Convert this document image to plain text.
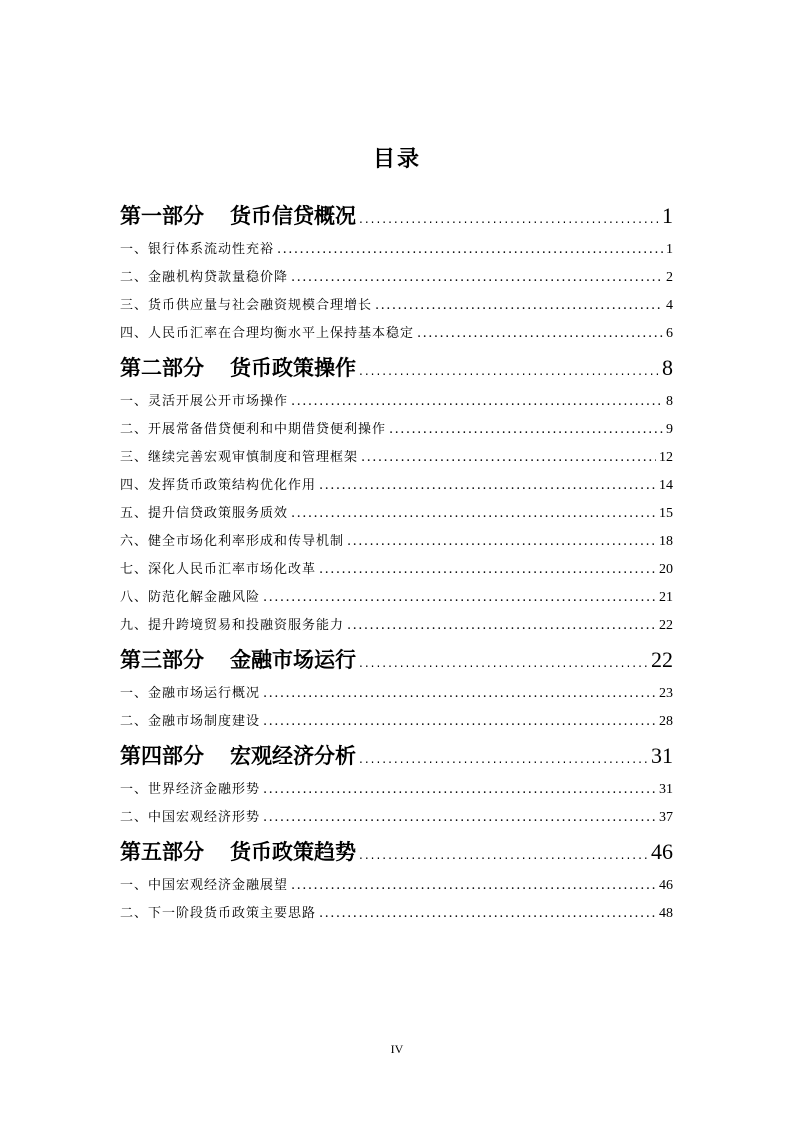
目录
第一部分 货币信贷概况 .....	1
一、银行体系流动性充裕 .....	1
二、金融机构贷款量稳价降 .....	2
三、货币供应量与社会融资规模合理增长 .....	4
四、人民币汇率在合理均衡水平上保持基本稳定 .....	6
第二部分 货币政策操作 .....	8
一、灵活开展公开市场操作 .....	8
二、开展常备借贷便利和中期借贷便利操作 .....	9
三、继续完善宏观审慎制度和管理框架 .....	12
四、发挥货币政策结构优化作用 .....	14
五、提升信贷政策服务质效 .....	15
六、健全市场化利率形成和传导机制 .....	18
七、深化人民币汇率市场化改革 .....	20
八、防范化解金融风险 .....	21
九、提升跨境贸易和投融资服务能力 .....	22
第三部分 金融市场运行 .....	22
一、金融市场运行概况 .....	23
二、金融市场制度建设 .....	28
第四部分 宏观经济分析 .....	31
一、世界经济金融形势 .....	31
二、中国宏观经济形势 .....	37
第五部分 货币政策趋势 .....	46
一、中国宏观经济金融展望 .....	46
二、下一阶段货币政策主要思路 .....	48
IV
